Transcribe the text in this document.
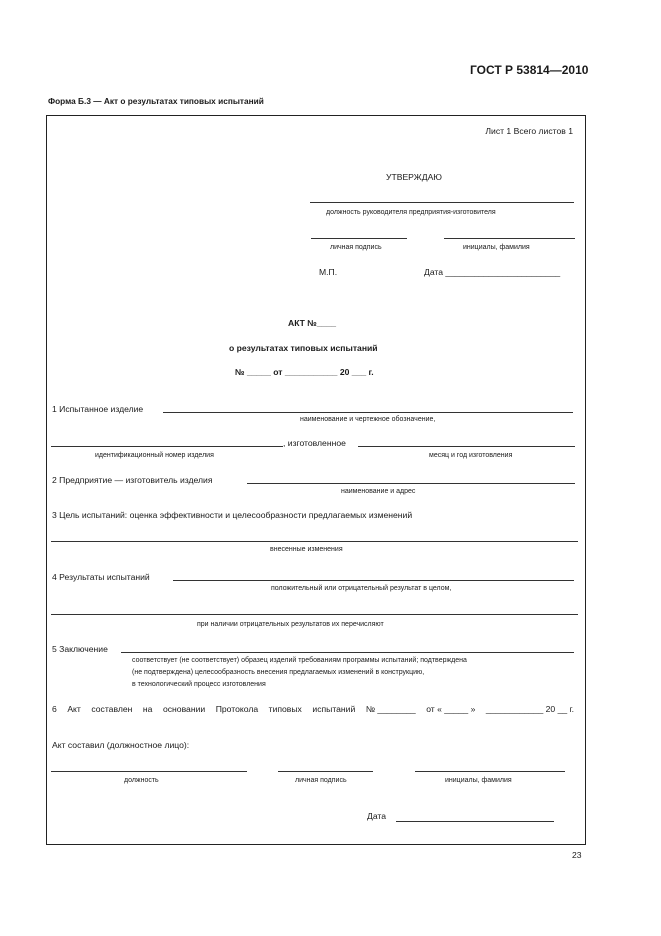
ГОСТ Р 53814—2010
Форма Б.3 — Акт о результатах типовых испытаний
Лист 1 Всего листов 1
УТВЕРЖДАЮ
должность руководителя предприятия-изготовителя
личная подпись	инициалы, фамилия
М.П.	Дата ________________________
АКТ №____
о результатах типовых испытаний
№ _____ от ___________ 20 ___ г.
1 Испытанное изделие
наименование и чертежное обозначение,
, изготовленное
идентификационный номер изделия	месяц и год изготовления
2 Предприятие — изготовитель изделия
наименование и адрес
3 Цель испытаний: оценка эффективности и целесообразности предлагаемых изменений
внесенные изменения
4 Результаты испытаний
положительный или отрицательный результат в целом,
при наличии отрицательных результатов их перечисляют
5 Заключение
соответствует (не соответствует) образец изделий требованиям программы испытаний; подтверждена
(не подтверждена) целесообразность внесения предлагаемых изменений в конструкцию,
в технологический процесс изготовления
6 Акт составлен на основании Протокола типовых испытаний № ________ от « _____ » ____________ 20 __ г.
Акт составил (должностное лицо):
должность	личная подпись	инициалы, фамилия
Дата
23
